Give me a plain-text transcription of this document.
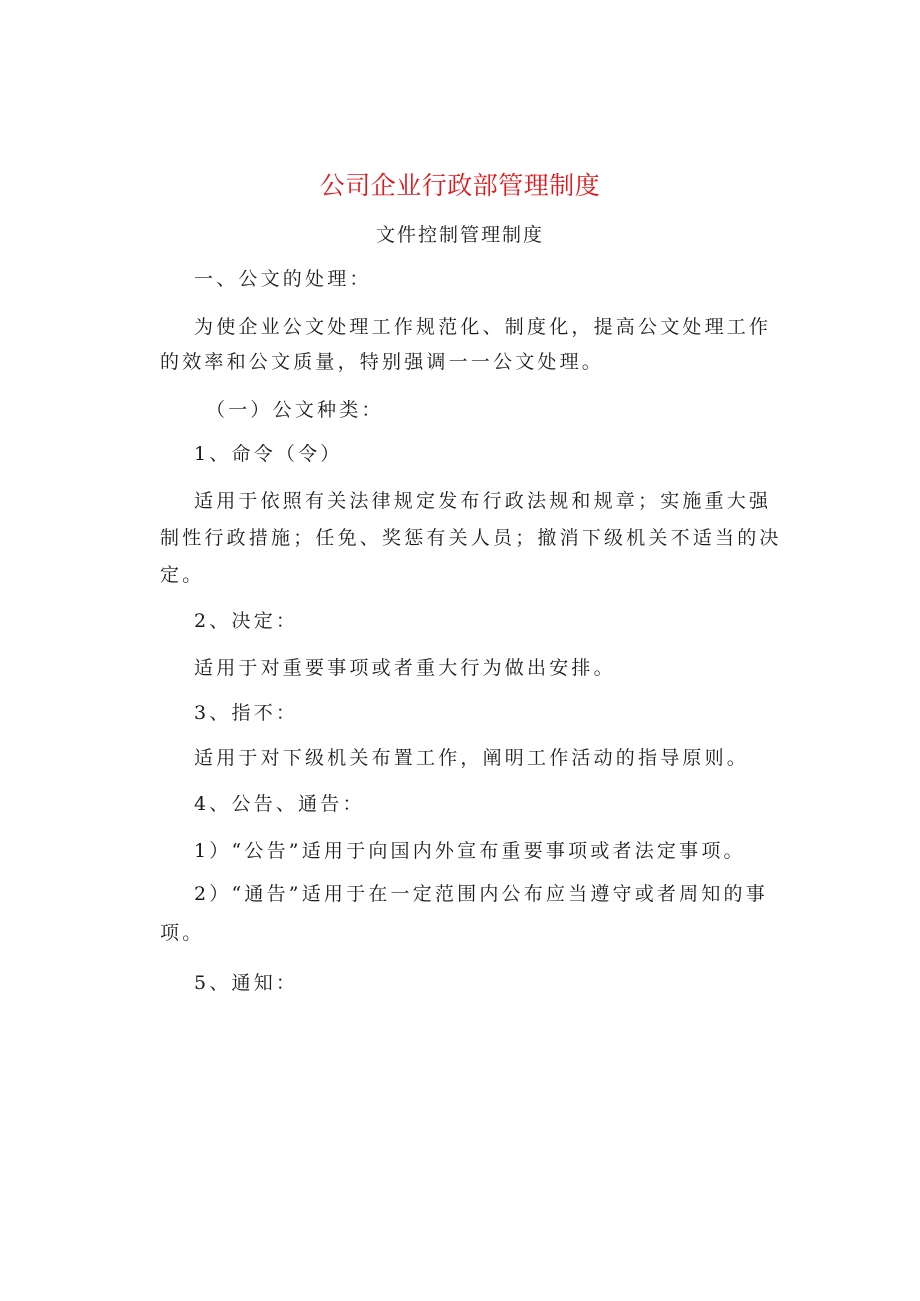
公司企业行政部管理制度
文件控制管理制度
一、公文的处理：
为使企业公文处理工作规范化、制度化，提高公文处理工作
的效率和公文质量，特别强调一一公文处理。
（一）公文种类：
1、命令（令）
适用于依照有关法律规定发布行政法规和规章；实施重大强
制性行政措施；任免、奖惩有关人员；撤消下级机关不适当的决
定。
2、决定：
适用于对重要事项或者重大行为做出安排。
3、指不：
适用于对下级机关布置工作，阐明工作活动的指导原则。
4、公告、通告：
1）“公告”适用于向国内外宣布重要事项或者法定事项。
2）“通告”适用于在一定范围内公布应当遵守或者周知的事
项。
5、通知：
